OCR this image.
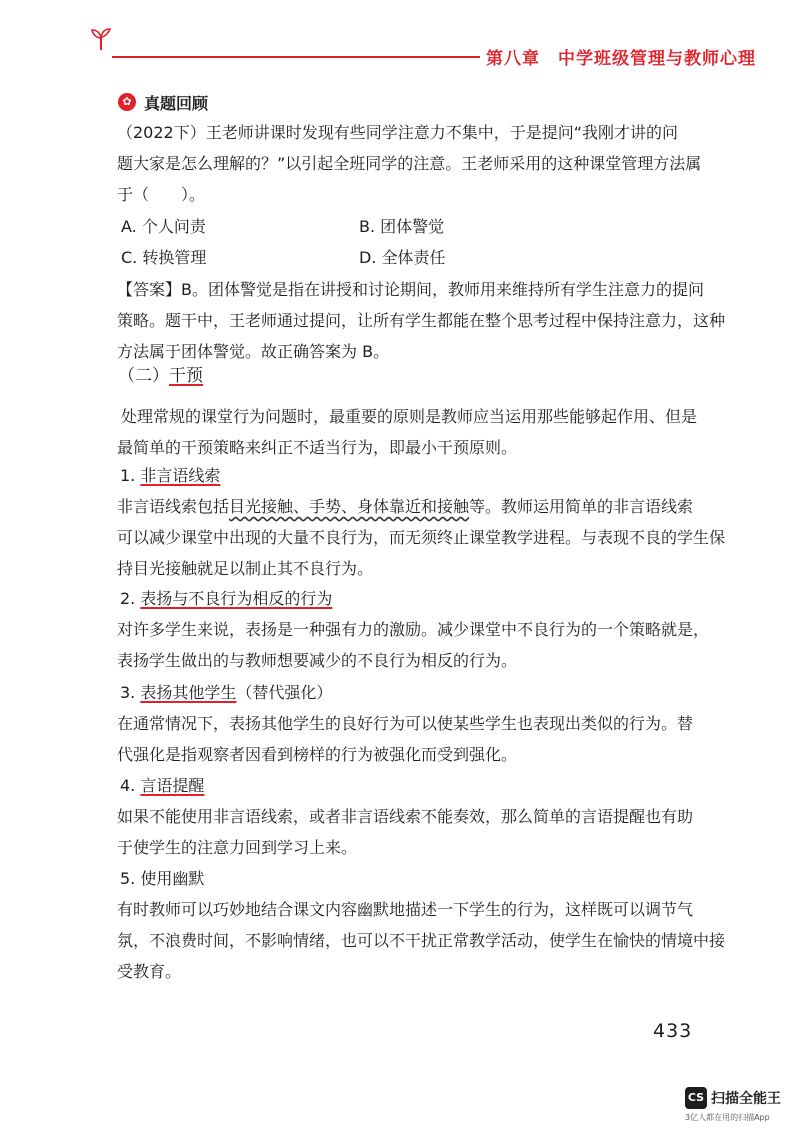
第八章　中学班级管理与教师心理
✿ 真题回顾
（2022下）王老师讲课时发现有些同学注意力不集中，于是提问“我刚才讲的问
题大家是怎么理解的？”以引起全班同学的注意。王老师采用的这种课堂管理方法属
于（　　）。
A. 个人问责	B. 团体警觉
C. 转换管理	D. 全体责任
【答案】B。团体警觉是指在讲授和讨论期间，教师用来维持所有学生注意力的提问
策略。题干中，王老师通过提问，让所有学生都能在整个思考过程中保持注意力，这种
方法属于团体警觉。故正确答案为 B。
（二）干预
处理常规的课堂行为问题时，最重要的原则是教师应当运用那些能够起作用、但是
最简单的干预策略来纠正不适当行为，即最小干预原则。
1. 非言语线索
非言语线索包括目光接触、手势、身体靠近和接触等。教师运用简单的非言语线索
可以减少课堂中出现的大量不良行为，而无须终止课堂教学进程。与表现不良的学生保
持目光接触就足以制止其不良行为。
2. 表扬与不良行为相反的行为
对许多学生来说，表扬是一种强有力的激励。减少课堂中不良行为的一个策略就是，
表扬学生做出的与教师想要减少的不良行为相反的行为。
3. 表扬其他学生（替代强化）
在通常情况下，表扬其他学生的良好行为可以使某些学生也表现出类似的行为。替
代强化是指观察者因看到榜样的行为被强化而受到强化。
4. 言语提醒
如果不能使用非言语线索，或者非言语线索不能奏效，那么简单的言语提醒也有助
于使学生的注意力回到学习上来。
5. 使用幽默
有时教师可以巧妙地结合课文内容幽默地描述一下学生的行为，这样既可以调节气
氛，不浪费时间，不影响情绪，也可以不干扰正常教学活动，使学生在愉快的情境中接
受教育。
433
CS 扫描全能王
3亿人都在用的扫描App
